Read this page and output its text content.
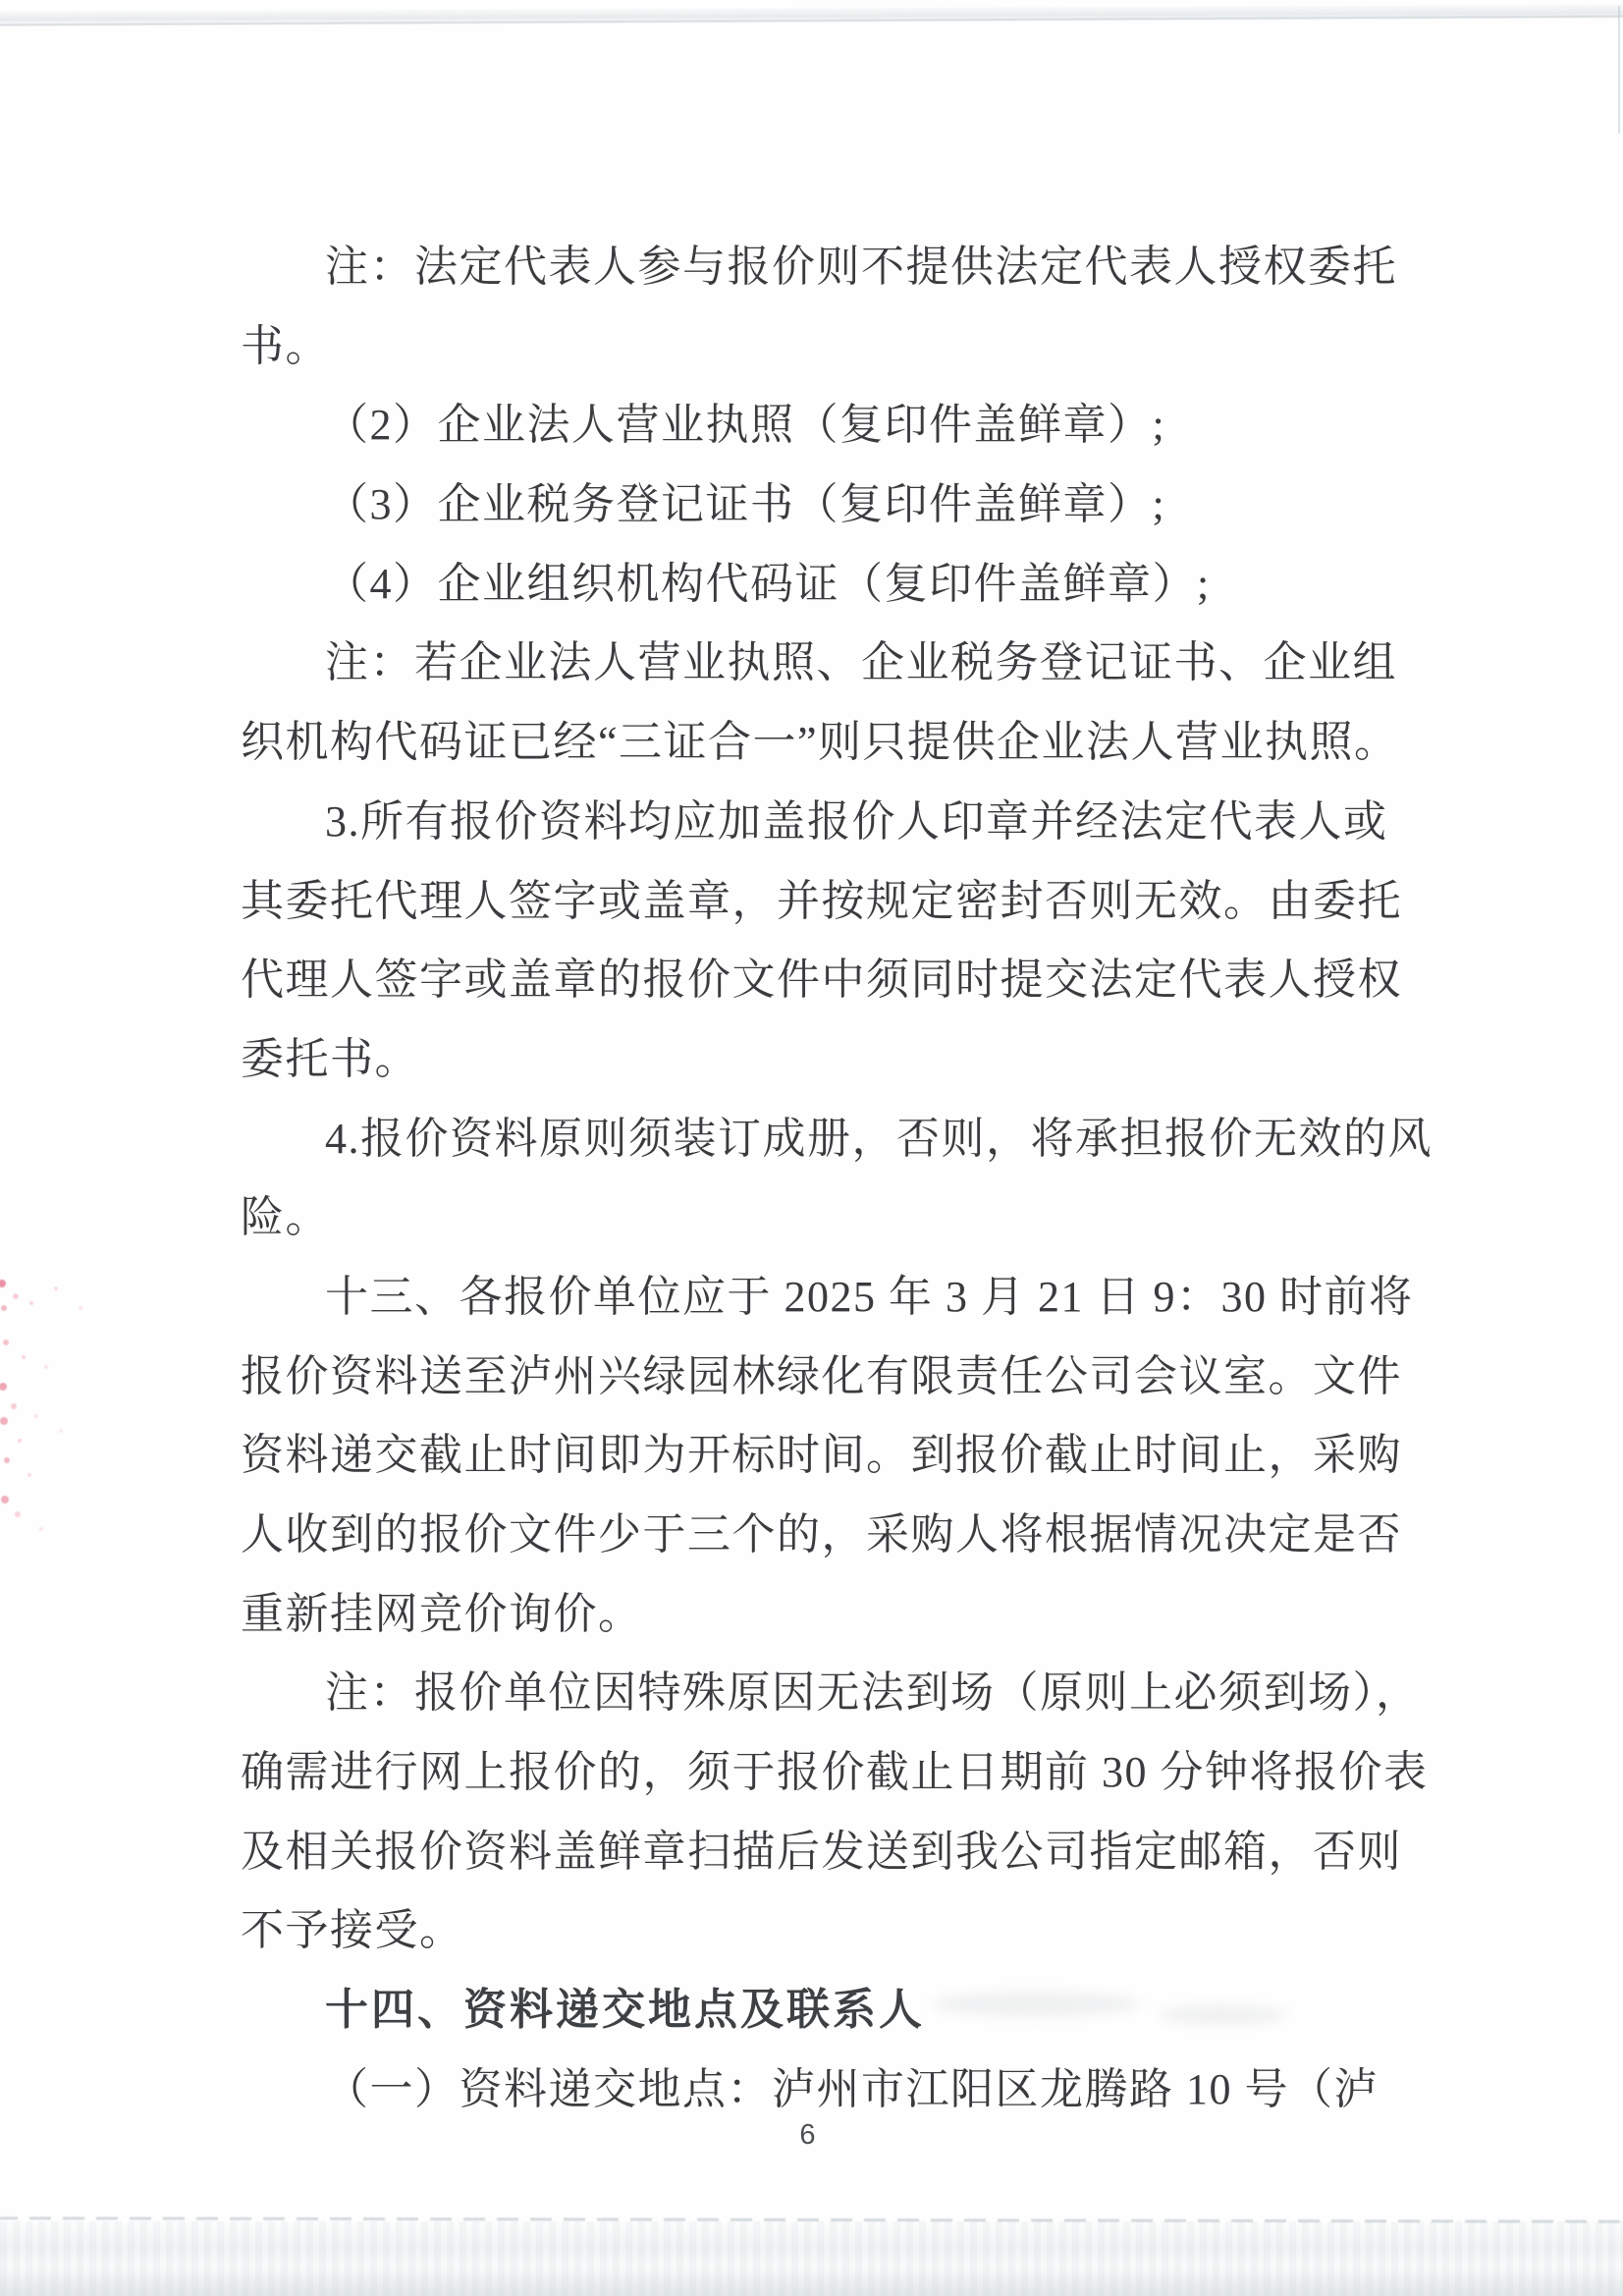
注：法定代表人参与报价则不提供法定代表人授权委托
书。
（2）企业法人营业执照（复印件盖鲜章）;
（3）企业税务登记证书（复印件盖鲜章）;
（4）企业组织机构代码证（复印件盖鲜章）;
注：若企业法人营业执照、企业税务登记证书、企业组
织机构代码证已经“三证合一”则只提供企业法人营业执照。
3.所有报价资料均应加盖报价人印章并经法定代表人或
其委托代理人签字或盖章，并按规定密封否则无效。由委托
代理人签字或盖章的报价文件中须同时提交法定代表人授权
委托书。
4.报价资料原则须装订成册，否则，将承担报价无效的风
险。
十三、各报价单位应于 2025 年 3 月 21 日 9：30 时前将
报价资料送至泸州兴绿园林绿化有限责任公司会议室。文件
资料递交截止时间即为开标时间。到报价截止时间止，采购
人收到的报价文件少于三个的，采购人将根据情况决定是否
重新挂网竞价询价。
注：报价单位因特殊原因无法到场（原则上必须到场），
确需进行网上报价的，须于报价截止日期前 30 分钟将报价表
及相关报价资料盖鲜章扫描后发送到我公司指定邮箱，否则
不予接受。
十四、资料递交地点及联系人
（一）资料递交地点：泸州市江阳区龙腾路 10 号（泸
6
